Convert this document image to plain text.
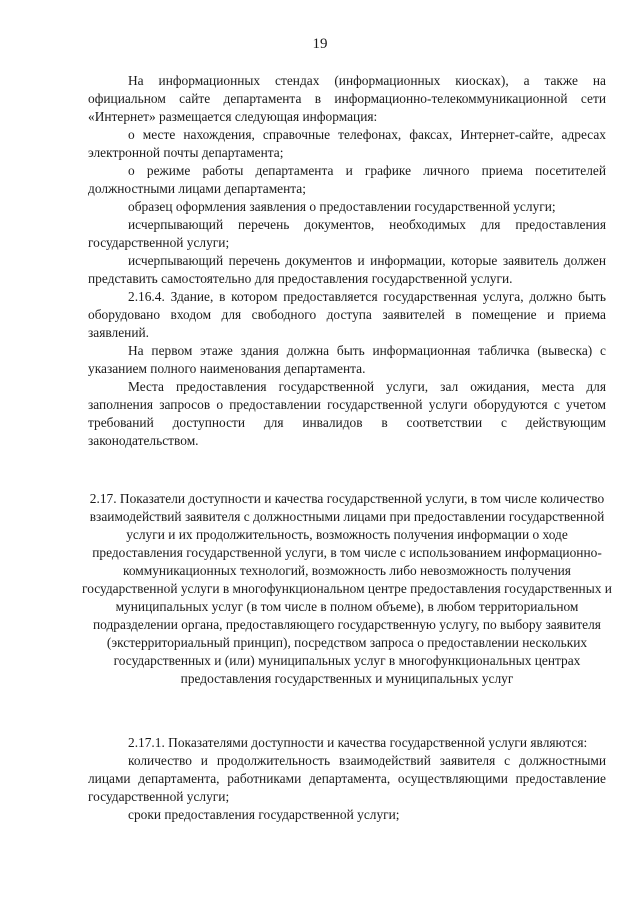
19

На информационных стендах (информационных киосках), а также на официальном сайте департамента в информационно-телекоммуникационной сети «Интернет» размещается следующая информация:

о месте нахождения, справочные телефонах, факсах, Интернет-сайте, адресах электронной почты департамента;

о режиме работы департамента и графике личного приема посетителей должностными лицами департамента;

образец оформления заявления о предоставлении государственной услуги;

исчерпывающий перечень документов, необходимых для предоставления государственной услуги;

исчерпывающий перечень документов и информации, которые заявитель должен представить самостоятельно для предоставления государственной услуги.

2.16.4. Здание, в котором предоставляется государственная услуга, должно быть оборудовано входом для свободного доступа заявителей в помещение и приема заявлений.

На первом этаже здания должна быть информационная табличка (вывеска) с указанием полного наименования департамента.

Места предоставления государственной услуги, зал ожидания, места для заполнения запросов о предоставлении государственной услуги оборудуются с учетом требований доступности для инвалидов в соответствии с действующим законодательством.

2.17. Показатели доступности и качества государственной услуги, в том числе количество взаимодействий заявителя с должностными лицами при предоставлении государственной услуги и их продолжительность, возможность получения информации о ходе предоставления государственной услуги, в том числе с использованием информационно-коммуникационных технологий, возможность либо невозможность получения государственной услуги в многофункциональном центре предоставления государственных и муниципальных услуг (в том числе в полном объеме), в любом территориальном подразделении органа, предоставляющего государственную услугу, по выбору заявителя (экстерриториальный принцип), посредством запроса о предоставлении нескольких государственных и (или) муниципальных услуг в многофункциональных центрах предоставления государственных и муниципальных услуг

2.17.1. Показателями доступности и качества государственной услуги являются:

количество и продолжительность взаимодействий заявителя с должностными лицами департамента, работниками департамента, осуществляющими предоставление государственной услуги;

сроки предоставления государственной услуги;
